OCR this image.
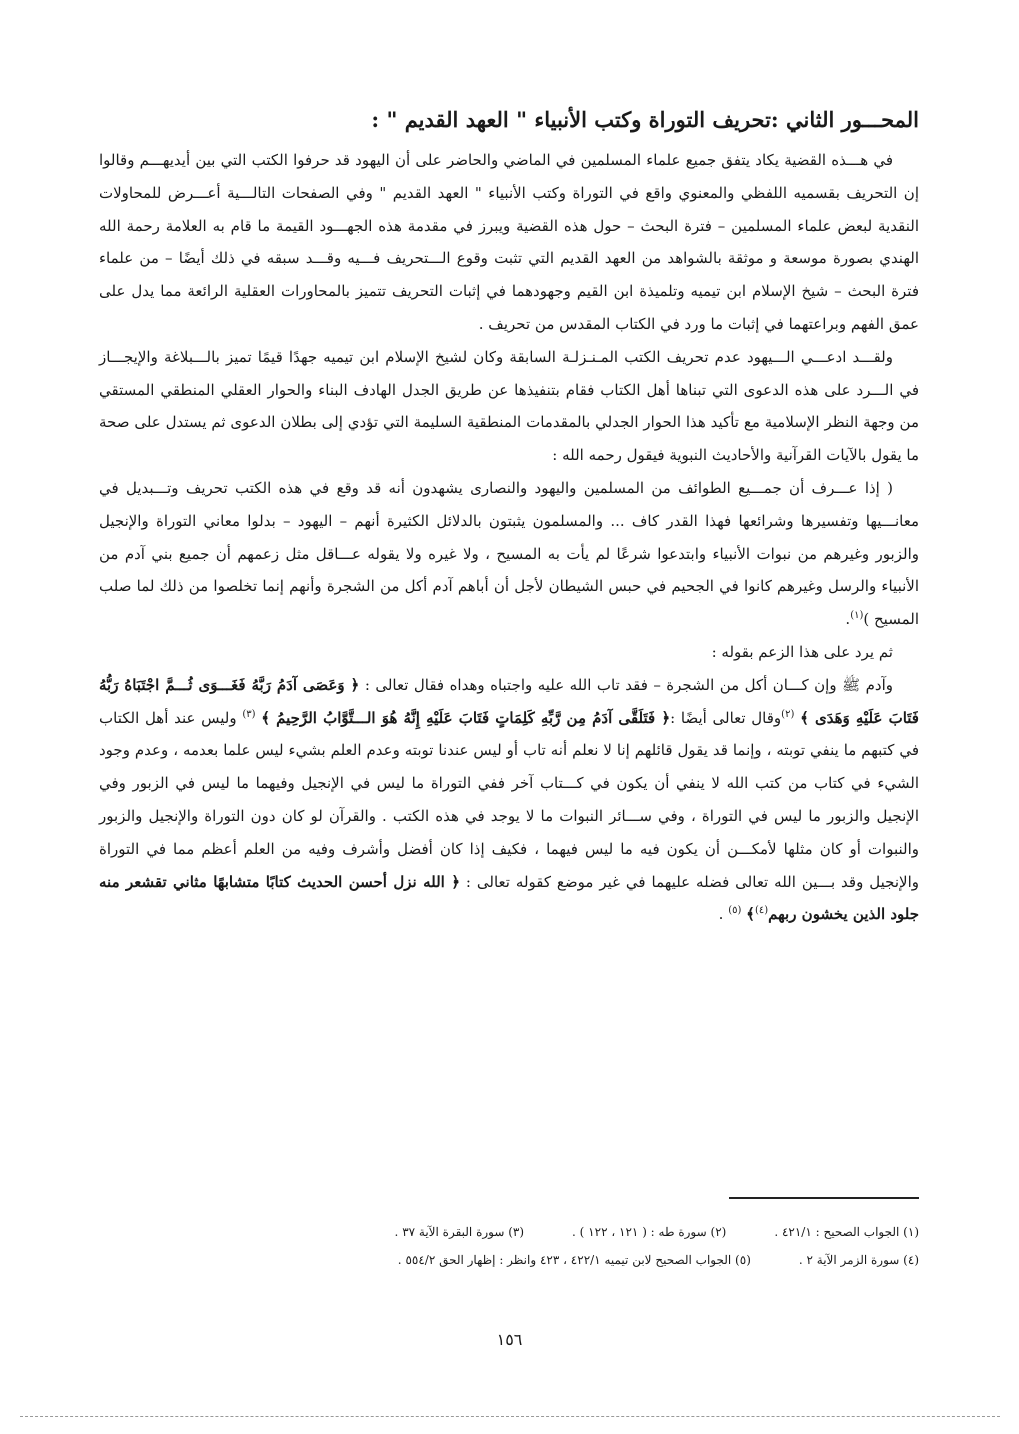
المحـــور الثاني :تحريف التوراة وكتب الأنبياء " العهد القديم " :

في هـــذه القضية يكاد يتفق جميع علماء المسلمين في الماضي والحاضر على أن اليهود قد حرفوا الكتب التي بين أيديهـــم وقالوا إن التحريف بقسميه اللفظي والمعنوي واقع في التوراة وكتب الأنبياء " العهد القديم " وفي الصفحات التالـــية أعـــرض للمحاولات النقدية لبعض علماء المسلمين – فترة البحث – حول هذه القضية ويبرز في مقدمة هذه الجهـــود القيمة ما قام به العلامة رحمة الله الهندي بصورة موسعة و موثقة بالشواهد من العهد القديم التي تثبت وقوع الـــتحريف فـــيه وقـــد سبقه في ذلك أيضًا – من علماء فترة البحث – شيخ الإسلام ابن تيميه وتلميذة ابن القيم وجهودهما في إثبات التحريف تتميز بالمحاورات العقلية الرائعة مما يدل على عمق الفهم وبراعتهما في إثبات ما ورد في الكتاب المقدس من تحريف .

ولقـــد ادعـــي الـــيهود عدم تحريف الكتب المـنـزلـة السابقة وكان لشيخ الإسلام ابن تيميه جهدًا قيمًا تميز بالـــبلاغة والإيجـــاز في الـــرد على هذه الدعوى التي تبناها أهل الكتاب فقام بتنفيذها عن طريق الجدل الهادف البناء والحوار العقلي المنطقي المستقي من وجهة النظر الإسلامية مع تأكيد هذا الحوار الجدلي بالمقدمات المنطقية السليمة التي تؤدي إلى بطلان الدعوى ثم يستدل على صحة ما يقول بالآيات القرآنية والأحاديث النبوية فيقول رحمه الله :

( إذا عـــرف أن جمـــيع الطوائف من المسلمين واليهود والنصارى يشهدون أنه قد وقع في هذه الكتب تحريف وتـــبديل في معانـــيها وتفسيرها وشرائعها فهذا القدر كاف ... والمسلمون يثبتون بالدلائل الكثيرة أنهم – اليهود – بدلوا معاني التوراة والإنجيل والزبور وغيرهم من نبوات الأنبياء وابتدعوا شرعًا لم يأت به المسيح ، ولا غيره ولا يقوله عـــاقل مثل زعمهم أن جميع بني آدم من الأنبياء والرسل وغيرهم كانوا في الجحيم في حبس الشيطان لأجل أن أباهم آدم أكل من الشجرة وأنهم إنما تخلصوا من ذلك لما صلب المسيح )$^{(١)}$.

ثم يرد على هذا الزعم بقوله :

وآدم ﷺ وإن كـــان أكل من الشجرة – فقد تاب الله عليه واجتباه وهداه فقال تعالى : ﴿ وَعَصَى آدَمُ رَبَّهُ فَغَـــوَى ثُـــمَّ اجْتَبَاهُ رَبُّهُ فَتَابَ عَلَيْهِ وَهَدَى ﴾ $^{(٢)}$وقال تعالى أيضًا :﴿ فَتَلَقَّى آدَمُ مِن رَّبِّهِ كَلِمَاتٍ فَتَابَ عَلَيْهِ إِنَّهُ هُوَ الـــتَّوَّابُ الرَّحِيمُ ﴾ $^{(٣)}$ وليس عند أهل الكتاب في كتبهم ما ينفي توبته ، وإنما قد يقول قائلهم إنا لا نعلم أنه تاب أو ليس عندنا توبته وعدم العلم بشيء ليس علما بعدمه ، وعدم وجود الشيء في كتاب من كتب الله لا ينفي أن يكون في كـــتاب آخر ففي التوراة ما ليس في الإنجيل وفيهما ما ليس في الزبور وفي الإنجيل والزبور ما ليس في التوراة ، وفي ســـائر النبوات ما لا يوجد في هذه الكتب . والقرآن لو كان دون التوراة والإنجيل والزبور والنبوات أو كان مثلها لأمكـــن أن يكون فيه ما ليس فيهما ، فكيف إذا كان أفضل وأشرف وفيه من العلم أعظم مما في التوراة والإنجيل وقد بـــين الله تعالى فضله عليهما في غير موضع كقوله تعالى : ﴿ الله نزل أحسن الحديث كتابًا متشابهًا مثاني تقشعر منه جلود الذين يخشون ربهم$^{(٤)}$﴾ $^{(٥)}$ .

(١) الجواب الصحيح : ٤٢١/١ .
(٢) سورة طه : ( ١٢١ ، ١٢٢ ) .
(٣) سورة البقرة الآية ٣٧ .
(٤) سورة الزمر الآية ٢ .
(٥) الجواب الصحيح لابن تيميه ٤٢٢/١ ، ٤٢٣ وانظر : إظهار الحق ٥٥٤/٢ .
١٥٦
